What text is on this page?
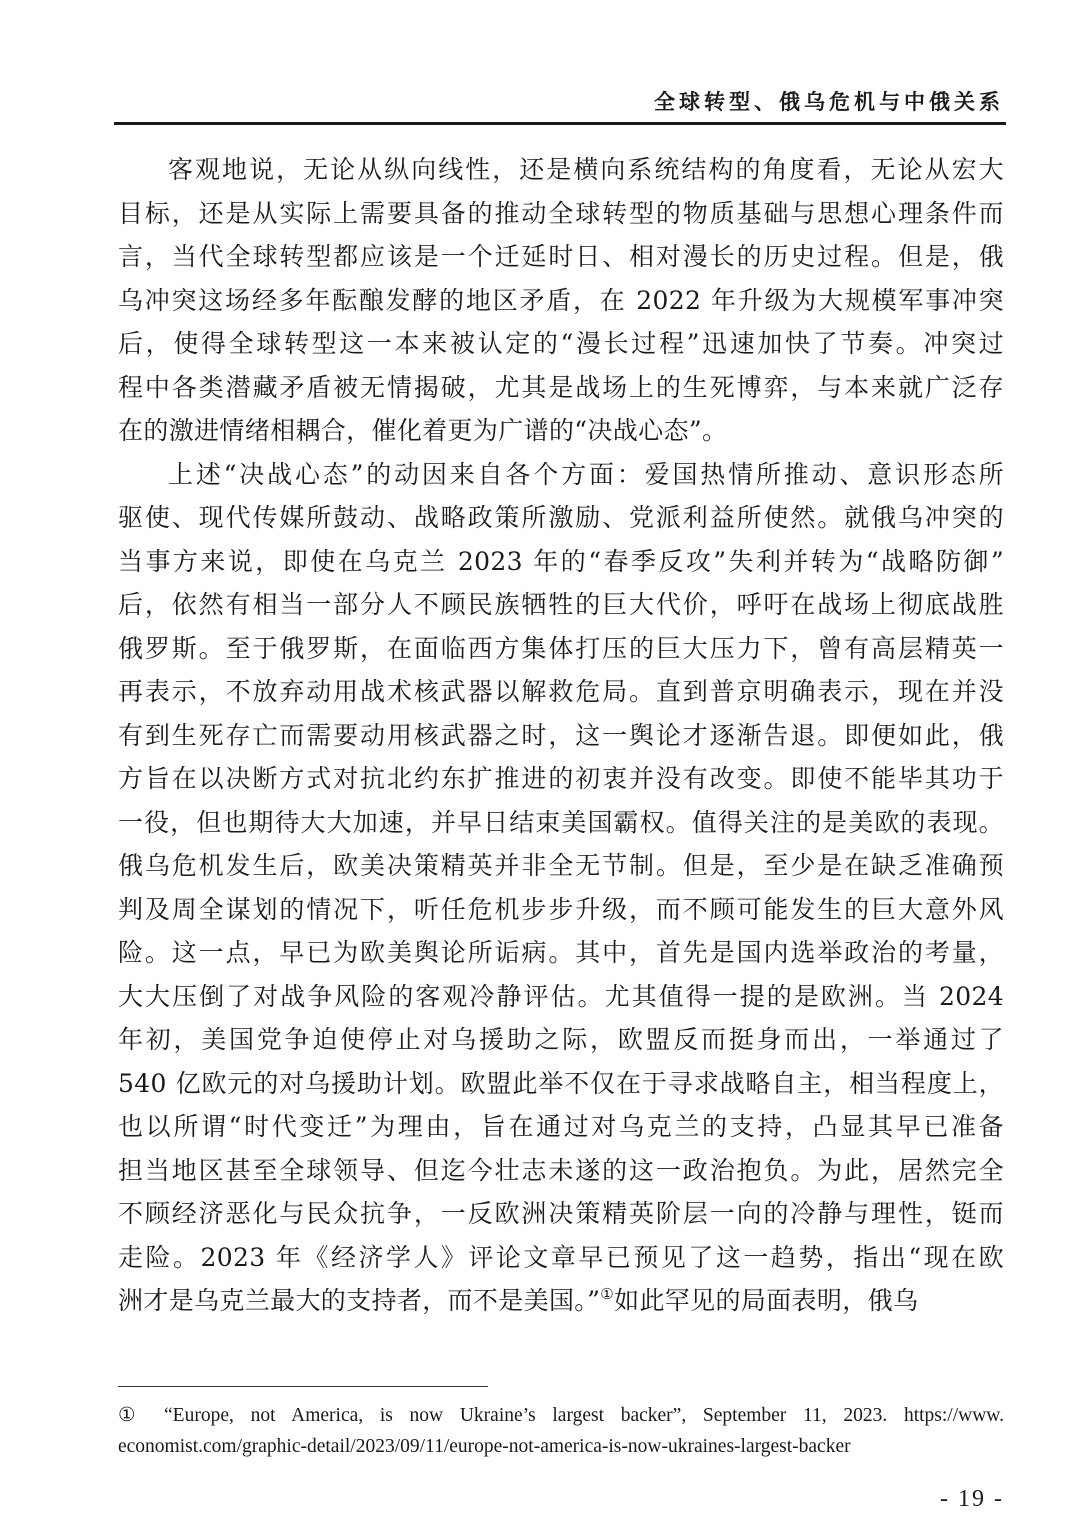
全球转型、俄乌危机与中俄关系
客观地说，无论从纵向线性，还是横向系统结构的角度看，无论从宏大
目标，还是从实际上需要具备的推动全球转型的物质基础与思想心理条件而
言，当代全球转型都应该是一个迁延时日、相对漫长的历史过程。但是，俄
乌冲突这场经多年酝酿发酵的地区矛盾，在 2022 年升级为大规模军事冲突
后，使得全球转型这一本来被认定的“漫长过程”迅速加快了节奏。冲突过
程中各类潜藏矛盾被无情揭破，尤其是战场上的生死博弈，与本来就广泛存
在的激进情绪相耦合，催化着更为广谱的“决战心态”。
上述“决战心态”的动因来自各个方面：爱国热情所推动、意识形态所
驱使、现代传媒所鼓动、战略政策所激励、党派利益所使然。就俄乌冲突的
当事方来说，即使在乌克兰 2023 年的“春季反攻”失利并转为“战略防御”
后，依然有相当一部分人不顾民族牺牲的巨大代价，呼吁在战场上彻底战胜
俄罗斯。至于俄罗斯，在面临西方集体打压的巨大压力下，曾有高层精英一
再表示，不放弃动用战术核武器以解救危局。直到普京明确表示，现在并没
有到生死存亡而需要动用核武器之时，这一舆论才逐渐告退。即便如此，俄
方旨在以决断方式对抗北约东扩推进的初衷并没有改变。即使不能毕其功于
一役，但也期待大大加速，并早日结束美国霸权。值得关注的是美欧的表现。
俄乌危机发生后，欧美决策精英并非全无节制。但是，至少是在缺乏准确预
判及周全谋划的情况下，听任危机步步升级，而不顾可能发生的巨大意外风
险。这一点，早已为欧美舆论所诟病。其中，首先是国内选举政治的考量，
大大压倒了对战争风险的客观冷静评估。尤其值得一提的是欧洲。当 2024
年初，美国党争迫使停止对乌援助之际，欧盟反而挺身而出，一举通过了
540 亿欧元的对乌援助计划。欧盟此举不仅在于寻求战略自主，相当程度上，
也以所谓“时代变迁”为理由，旨在通过对乌克兰的支持，凸显其早已准备
担当地区甚至全球领导、但迄今壮志未遂的这一政治抱负。为此，居然完全
不顾经济恶化与民众抗争，一反欧洲决策精英阶层一向的冷静与理性，铤而
走险。2023 年《经济学人》评论文章早已预见了这一趋势，指出“现在欧
洲才是乌克兰最大的支持者，而不是美国。”①如此罕见的局面表明，俄乌
① “Europe, not America, is now Ukraine’s largest backer”, September 11, 2023. https://www.
economist.com/graphic-detail/2023/09/11/europe-not-america-is-now-ukraines-largest-backer
- 19 -
